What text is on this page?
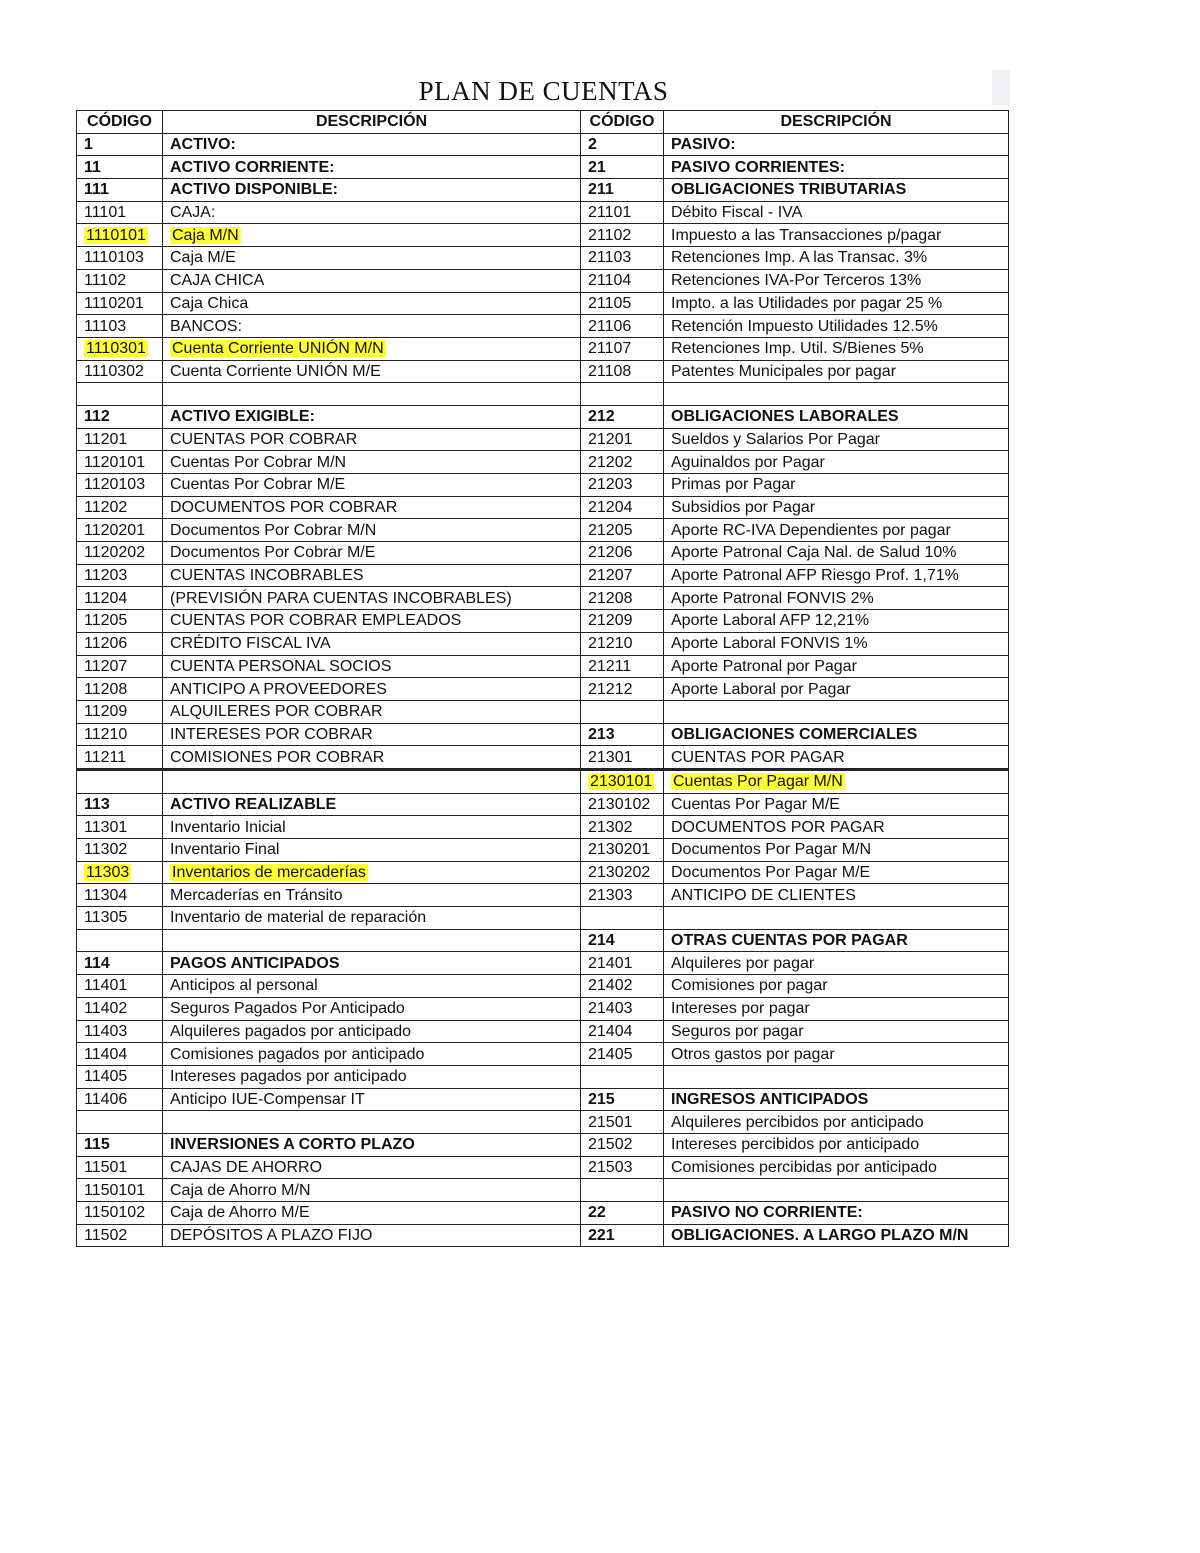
PLAN DE CUENTAS
CÓDIGO	DESCRIPCIÓN	CÓDIGO	DESCRIPCIÓN
1	ACTIVO:	2	PASIVO:
11	ACTIVO CORRIENTE:	21	PASIVO CORRIENTES:
111	ACTIVO DISPONIBLE:	211	OBLIGACIONES TRIBUTARIAS
11101	CAJA:	21101	Débito Fiscal - IVA
1110101	Caja M/N	21102	Impuesto a las Transacciones p/pagar
1110103	Caja M/E	21103	Retenciones Imp. A las Transac. 3%
11102	CAJA CHICA	21104	Retenciones IVA-Por Terceros 13%
1110201	Caja Chica	21105	Impto. a las Utilidades por pagar 25 %
11103	BANCOS:	21106	Retención Impuesto Utilidades 12.5%
1110301	Cuenta Corriente UNIÓN M/N	21107	Retenciones Imp. Util. S/Bienes 5%
1110302	Cuenta Corriente UNIÓN M/E	21108	Patentes Municipales por pagar

112	ACTIVO EXIGIBLE:	212	OBLIGACIONES LABORALES
11201	CUENTAS POR COBRAR	21201	Sueldos y Salarios Por Pagar
1120101	Cuentas Por Cobrar M/N	21202	Aguinaldos por Pagar
1120103	Cuentas Por Cobrar M/E	21203	Primas por Pagar
11202	DOCUMENTOS POR COBRAR	21204	Subsidios por Pagar
1120201	Documentos Por Cobrar M/N	21205	Aporte RC-IVA Dependientes por pagar
1120202	Documentos Por Cobrar M/E	21206	Aporte Patronal Caja Nal. de Salud 10%
11203	CUENTAS INCOBRABLES	21207	Aporte Patronal AFP Riesgo Prof. 1,71%
11204	(PREVISIÓN PARA CUENTAS INCOBRABLES)	21208	Aporte Patronal FONVIS 2%
11205	CUENTAS POR COBRAR EMPLEADOS	21209	Aporte Laboral AFP 12,21%
11206	CRÉDITO FISCAL IVA	21210	Aporte Laboral FONVIS 1%
11207	CUENTA PERSONAL SOCIOS	21211	Aporte Patronal por Pagar
11208	ANTICIPO A PROVEEDORES	21212	Aporte Laboral por Pagar
11209	ALQUILERES POR COBRAR		
11210	INTERESES POR COBRAR	213	OBLIGACIONES COMERCIALES
11211	COMISIONES POR COBRAR	21301	CUENTAS POR PAGAR
		2130101	Cuentas Por Pagar M/N
113	ACTIVO REALIZABLE	2130102	Cuentas Por Pagar M/E
11301	Inventario Inicial	21302	DOCUMENTOS POR PAGAR
11302	Inventario Final	2130201	Documentos Por Pagar M/N
11303	Inventarios de mercaderías	2130202	Documentos Por Pagar M/E
11304	Mercaderías en Tránsito	21303	ANTICIPO DE CLIENTES
11305	Inventario de material de reparación		
		214	OTRAS CUENTAS POR PAGAR
114	PAGOS ANTICIPADOS	21401	Alquileres por pagar
11401	Anticipos al personal	21402	Comisiones por pagar
11402	Seguros Pagados Por Anticipado	21403	Intereses por pagar
11403	Alquileres pagados por anticipado	21404	Seguros por pagar
11404	Comisiones pagados por anticipado	21405	Otros gastos por pagar
11405	Intereses pagados por anticipado		
11406	Anticipo IUE-Compensar IT	215	INGRESOS ANTICIPADOS
		21501	Alquileres percibidos por anticipado
115	INVERSIONES A CORTO PLAZO	21502	Intereses percibidos por anticipado
11501	CAJAS DE AHORRO	21503	Comisiones percibidas por anticipado
1150101	Caja de Ahorro M/N		
1150102	Caja de Ahorro M/E	22	PASIVO NO CORRIENTE:
11502	DEPÓSITOS A PLAZO FIJO	221	OBLIGACIONES. A LARGO PLAZO M/N
